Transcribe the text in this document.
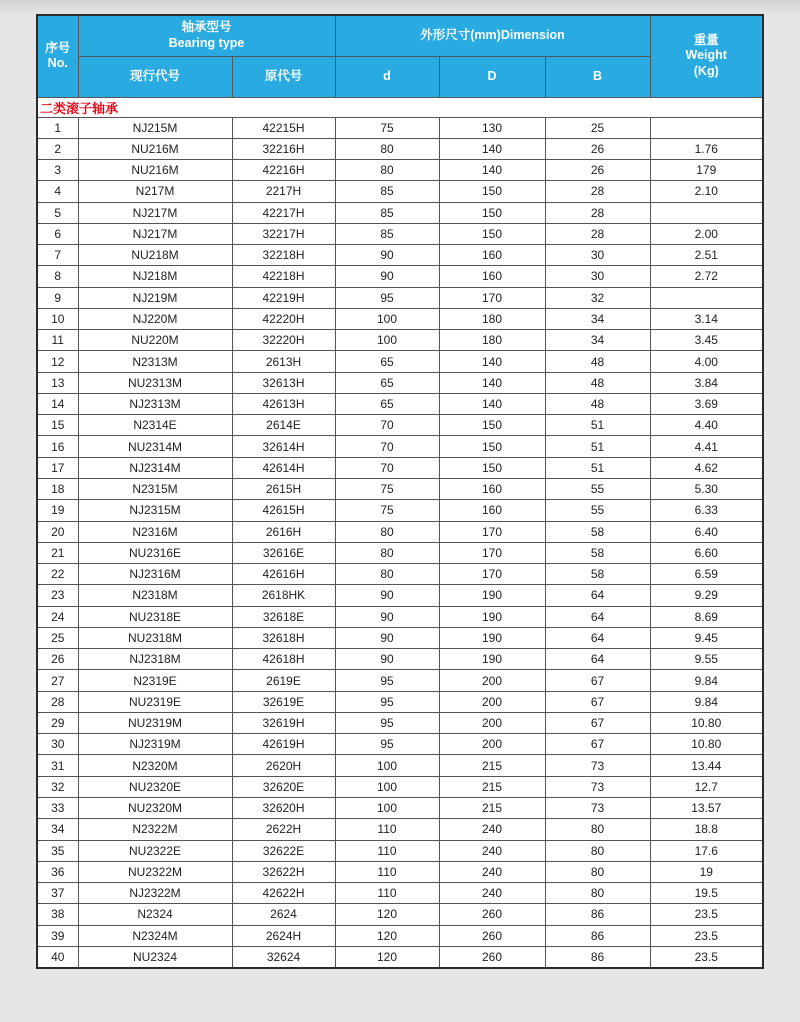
序号
No.	轴承型号
Bearing type		外形尺寸(mm)Dimension			重量
Weight
(Kg)

	现行代号	原代号	d	D	B	
二类滚子轴承						
1	NJ215M	42215H	75	130	25	
2	NU216M	32216H	80	140	26	1.76
3	NU216M	42216H	80	140	26	179
4	N217M	2217H	85	150	28	2.10
5	NJ217M	42217H	85	150	28	
6	NJ217M	32217H	85	150	28	2.00
7	NU218M	32218H	90	160	30	2.51
8	NJ218M	42218H	90	160	30	2.72
9	NJ219M	42219H	95	170	32	
10	NJ220M	42220H	100	180	34	3.14
11	NU220M	32220H	100	180	34	3.45
12	N2313M	2613H	65	140	48	4.00
13	NU2313M	32613H	65	140	48	3.84
14	NJ2313M	42613H	65	140	48	3.69
15	N2314E	2614E	70	150	51	4.40
16	NU2314M	32614H	70	150	51	4.41
17	NJ2314M	42614H	70	150	51	4.62
18	N2315M	2615H	75	160	55	5.30
19	NJ2315M	42615H	75	160	55	6.33
20	N2316M	2616H	80	170	58	6.40
21	NU2316E	32616E	80	170	58	6.60
22	NJ2316M	42616H	80	170	58	6.59
23	N2318M	2618HK	90	190	64	9.29
24	NU2318E	32618E	90	190	64	8.69
25	NU2318M	32618H	90	190	64	9.45
26	NJ2318M	42618H	90	190	64	9.55
27	N2319E	2619E	95	200	67	9.84
28	NU2319E	32619E	95	200	67	9.84
29	NU2319M	32619H	95	200	67	10.80
30	NJ2319M	42619H	95	200	67	10.80
31	N2320M	2620H	100	215	73	13.44
32	NU2320E	32620E	100	215	73	12.7
33	NU2320M	32620H	100	215	73	13.57
34	N2322M	2622H	110	240	80	18.8
35	NU2322E	32622E	110	240	80	17.6
36	NU2322M	32622H	110	240	80	19
37	NJ2322M	42622H	110	240	80	19.5
38	N2324	2624	120	260	86	23.5
39	N2324M	2624H	120	260	86	23.5
40	NU2324	32624	120	260	86	23.5
